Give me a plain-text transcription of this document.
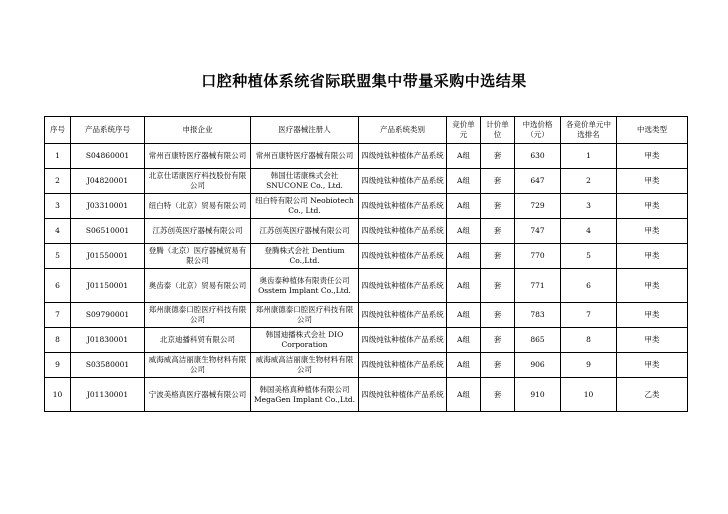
口腔种植体系统省际联盟集中带量采购中选结果
序号	产品系统序号	申报企业	医疗器械注册人	产品系统类别	竞价单元	计价单位	中选价格（元）	各竞价单元中选排名	中选类型
1	S04860001	常州百康特医疗器械有限公司	常州百康特医疗器械有限公司	四级纯钛种植体产品系统	A组	套	630	1	甲类
2	J04820001	北京仕诺康医疗科技股份有限公司	韩国仕诺康株式会社 SNUCONE Co., Ltd.	四级纯钛种植体产品系统	A组	套	647	2	甲类
3	J03310001	纽白特（北京）贸易有限公司	纽白特有限公司 Neobiotech Co., Ltd.	四级纯钛种植体产品系统	A组	套	729	3	甲类
4	S06510001	江苏创英医疗器械有限公司	江苏创英医疗器械有限公司	四级纯钛种植体产品系统	A组	套	747	4	甲类
5	J01550001	登腾（北京）医疗器械贸易有限公司	登腾株式会社 Dentium Co.,Ltd.	四级纯钛种植体产品系统	A组	套	770	5	甲类
6	J01150001	奥齿泰（北京）贸易有限公司	奥齿泰种植体有限责任公司 Osstem Implant Co.,Ltd.	四级纯钛种植体产品系统	A组	套	771	6	甲类
7	S09790001	郑州康德泰口腔医疗科技有限公司	郑州康德泰口腔医疗科技有限公司	四级纯钛种植体产品系统	A组	套	783	7	甲类
8	J01830001	北京迪播科贸有限公司	韩国迪播株式会社 DIO Corporation	四级纯钛种植体产品系统	A组	套	865	8	甲类
9	S03580001	威海威高洁丽康生物材料有限公司	威海威高洁丽康生物材料有限公司	四级纯钛种植体产品系统	A组	套	906	9	甲类
10	J01130001	宁波美格真医疗器械有限公司	韩国美格真种植体有限公司 MegaGen Implant Co.,Ltd.	四级纯钛种植体产品系统	A组	套	910	10	乙类
